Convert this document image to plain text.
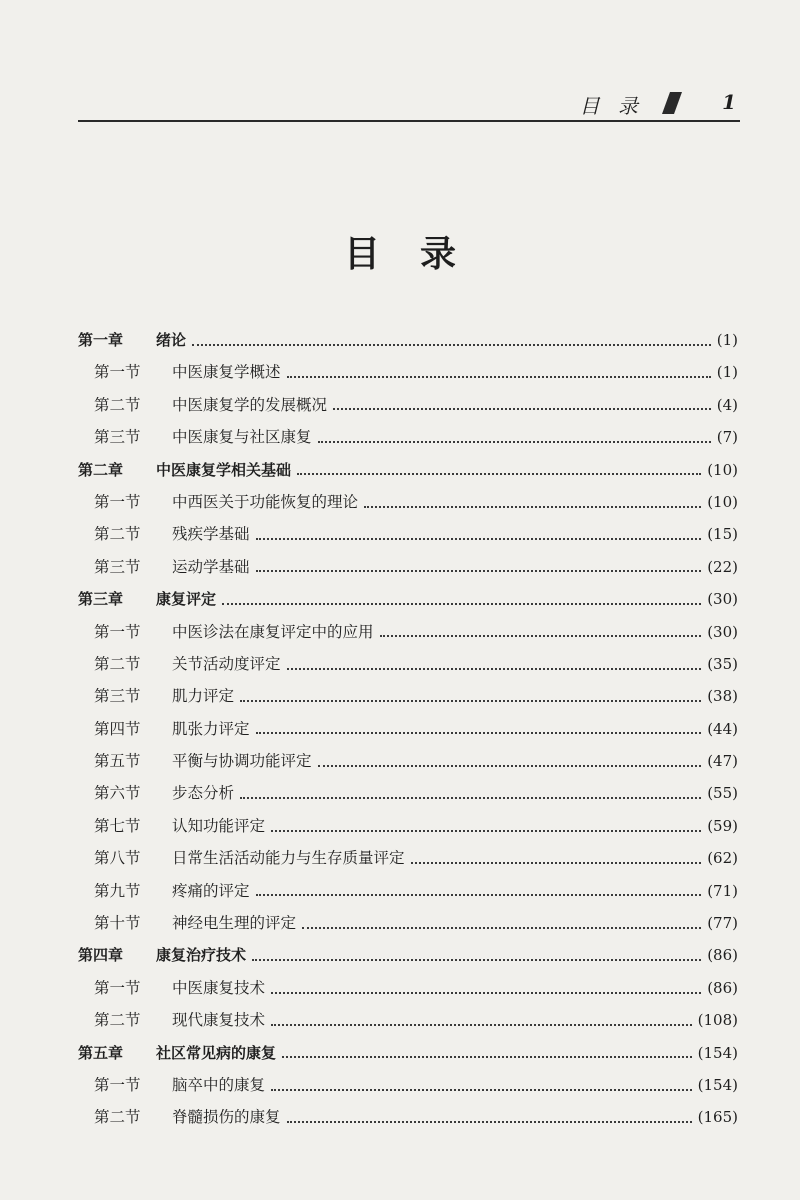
目 录	1
目录
第一章	绪论	(1)
第一节	中医康复学概述	(1)
第二节	中医康复学的发展概况	(4)
第三节	中医康复与社区康复	(7)
第二章	中医康复学相关基础	(10)
第一节	中西医关于功能恢复的理论	(10)
第二节	残疾学基础	(15)
第三节	运动学基础	(22)
第三章	康复评定	(30)
第一节	中医诊法在康复评定中的应用	(30)
第二节	关节活动度评定	(35)
第三节	肌力评定	(38)
第四节	肌张力评定	(44)
第五节	平衡与协调功能评定	(47)
第六节	步态分析	(55)
第七节	认知功能评定	(59)
第八节	日常生活活动能力与生存质量评定	(62)
第九节	疼痛的评定	(71)
第十节	神经电生理的评定	(77)
第四章	康复治疗技术	(86)
第一节	中医康复技术	(86)
第二节	现代康复技术	(108)
第五章	社区常见病的康复	(154)
第一节	脑卒中的康复	(154)
第二节	脊髓损伤的康复	(165)
